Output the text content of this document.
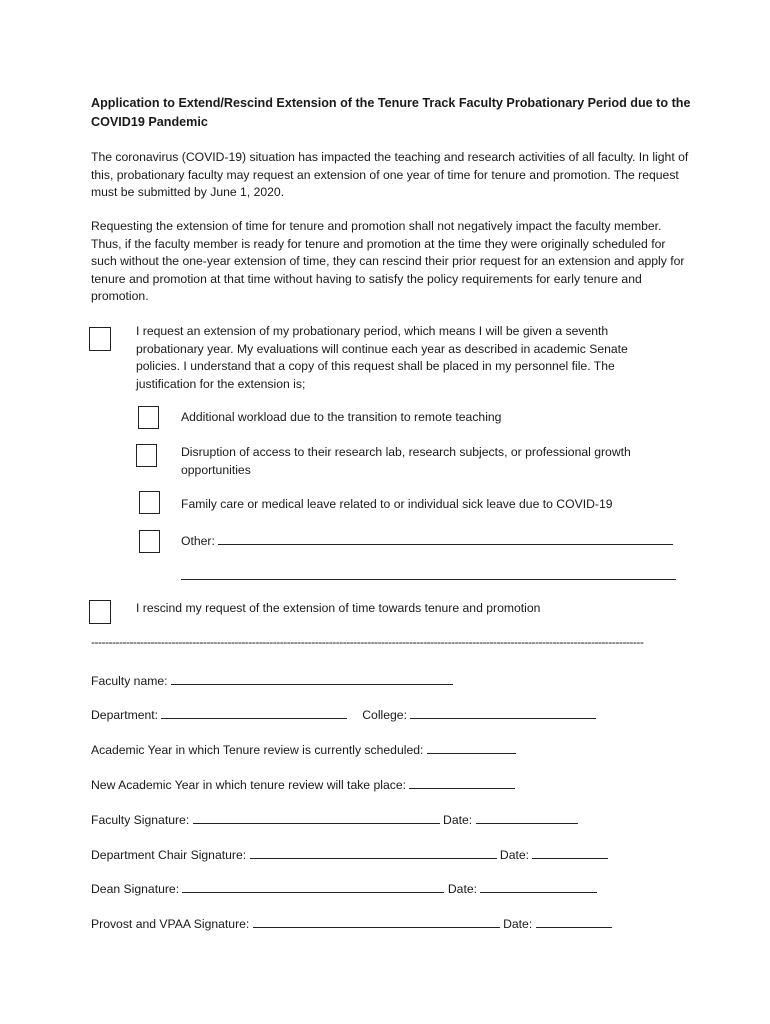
Application to Extend/Rescind Extension of the Tenure Track Faculty Probationary Period due to the COVID19 Pandemic
The coronavirus (COVID-19) situation has impacted the teaching and research activities of all faculty. In light of this, probationary faculty may request an extension of one year of time for tenure and promotion. The request must be submitted by June 1, 2020.
Requesting the extension of time for tenure and promotion shall not negatively impact the faculty member. Thus, if the faculty member is ready for tenure and promotion at the time they were originally scheduled for such without the one-year extension of time, they can rescind their prior request for an extension and apply for tenure and promotion at that time without having to satisfy the policy requirements for early tenure and promotion.
I request an extension of my probationary period, which means I will be given a seventh probationary year. My evaluations will continue each year as described in academic Senate policies. I understand that a copy of this request shall be placed in my personnel file. The justification for the extension is;
Additional workload due to the transition to remote teaching
Disruption of access to their research lab, research subjects, or professional growth opportunities
Family care or medical leave related to or individual sick leave due to COVID-19
Other:
I rescind my request of the extension of time towards tenure and promotion
--------------------------------------------------------------------------------------------------------------------------------------------------------------
Faculty name:
Department:	College:
Academic Year in which Tenure review is currently scheduled:
New Academic Year in which tenure review will take place:
Faculty Signature:	Date:
Department Chair Signature:	Date:
Dean Signature:	Date:
Provost and VPAA Signature:	Date:
